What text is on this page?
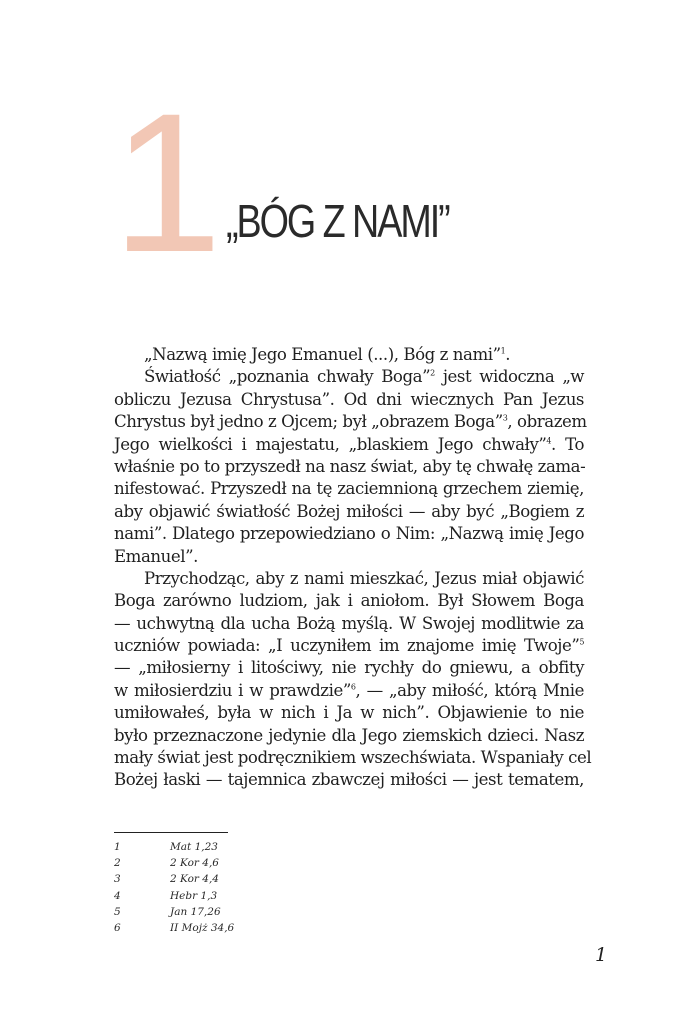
1 „BÓG Z NAMI”
„Nazwą imię Jego Emanuel (...), Bóg z nami”$^1$.
Światłość „poznania chwały Boga”$^2$ jest widoczna „w
obliczu Jezusa Chrystusa”. Od dni wiecznych Pan Jezus
Chrystus był jedno z Ojcem; był „obrazem Boga”$^3$, obrazem
Jego wielkości i majestatu, „blaskiem Jego chwały”$^4$. To
właśnie po to przyszedł na nasz świat, aby tę chwałę zama-
nifestować. Przyszedł na tę zaciemnioną grzechem ziemię,
aby objawić światłość Bożej miłości — aby być „Bogiem z
nami”. Dlatego przepowiedziano o Nim: „Nazwą imię Jego
Emanuel”.
Przychodząc, aby z nami mieszkać, Jezus miał objawić
Boga zarówno ludziom, jak i aniołom. Był Słowem Boga
— uchwytną dla ucha Bożą myślą. W Swojej modlitwie za
uczniów powiada: „I uczyniłem im znajome imię Twoje”$^5$
— „miłosierny i litościwy, nie rychły do gniewu, a obfity
w miłosierdziu i w prawdzie”$^6$, — „aby miłość, którą Mnie
umiłowałeś, była w nich i Ja w nich”. Objawienie to nie
było przeznaczone jedynie dla Jego ziemskich dzieci. Nasz
mały świat jest podręcznikiem wszechświata. Wspaniały cel
Bożej łaski — tajemnica zbawczej miłości — jest tematem,
1	Mat 1,23
2	2 Kor 4,6
3	2 Kor 4,4
4	Hebr 1,3
5	Jan 17,26
6	II Mojż 34,6
1
